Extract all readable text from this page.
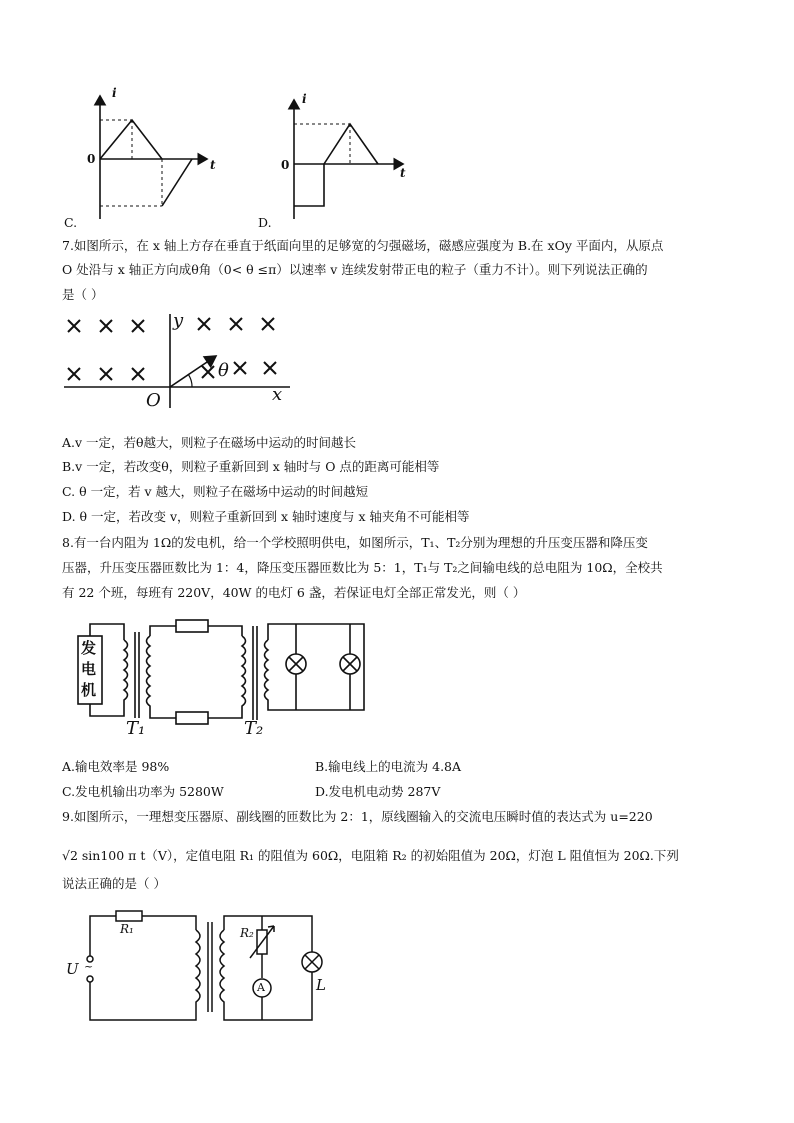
i
t
0
C.
i
t
0
D.
7.如图所示，在 x 轴上方存在垂直于纸面向里的足够宽的匀强磁场，磁感应强度为 B.在 xOy 平面内，从原点
O 处沿与 x 轴正方向成θ角（0< θ ≤π）以速率 v 连续发射带正电的粒子（重力不计）。则下列说法正确的
是（ ）
y
x
O
θ
A.v 一定，若θ越大，则粒子在磁场中运动的时间越长
B.v 一定，若改变θ，则粒子重新回到 x 轴时与 O 点的距离可能相等
C. θ 一定，若 v 越大，则粒子在磁场中运动的时间越短
D. θ 一定，若改变 v，则粒子重新回到 x 轴时速度与 x 轴夹角不可能相等
8.有一台内阻为 1Ω的发电机，给一个学校照明供电，如图所示，T₁、T₂分别为理想的升压变压器和降压变
压器，升压变压器匝数比为 1：4，降压变压器匝数比为 5：1，T₁与 T₂之间输电线的总电阻为 10Ω，全校共
有 22 个班，每班有 220V，40W 的电灯 6 盏，若保证电灯全部正常发光，则（ ）
发电机
T₁	T₂
A.输电效率是 98%	B.输电线上的电流为 4.8A
C.发电机输出功率为 5280W	D.发电机电动势 287V
9.如图所示，一理想变压器原、副线圈的匝数比为 2：1，原线圈输入的交流电压瞬时值的表达式为 u=220
√2 sin100 π t（V），定值电阻 R₁ 的阻值为 60Ω，电阻箱 R₂ 的初始阻值为 20Ω，灯泡 L 阻值恒为 20Ω.下列
说法正确的是（ ）
R₁	R₂
U ~
A	L
